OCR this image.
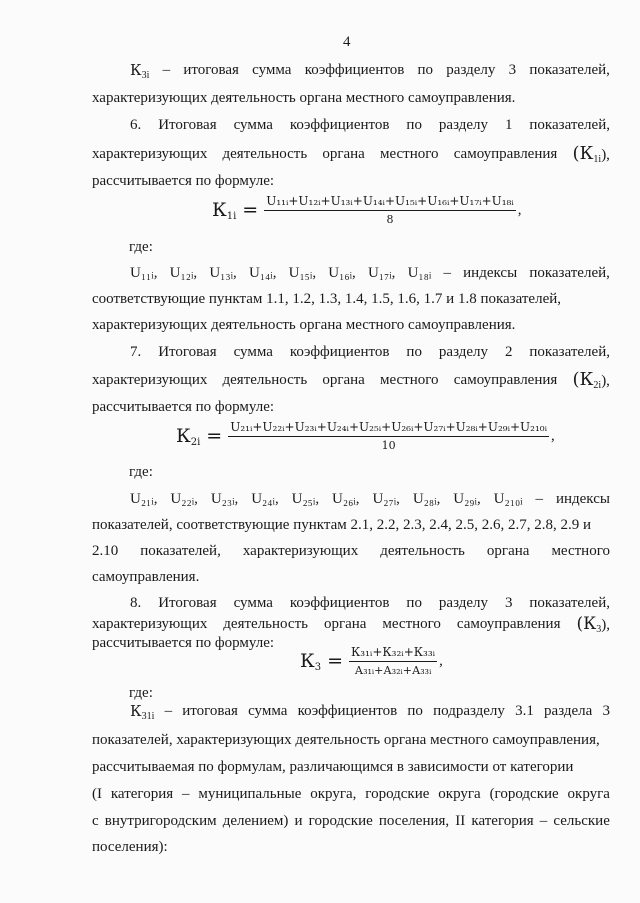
4
$К_{3i}$ – итоговая сумма коэффициентов по разделу 3 показателей,
характеризующих деятельность органа местного самоуправления.
6. Итоговая сумма коэффициентов по разделу 1 показателей,
характеризующих деятельность органа местного самоуправления $(К_{1i})$,
рассчитывается по формуле:
$К_{1i} = \frac{\text{U₁₁ᵢ+U₁₂ᵢ+U₁₃ᵢ+U₁₄ᵢ+U₁₅ᵢ+U₁₆ᵢ+U₁₇ᵢ+U₁₈ᵢ}}{8}$ ,
где:
U₁₁ᵢ, U₁₂ᵢ, U₁₃ᵢ, U₁₄ᵢ, U₁₅ᵢ, U₁₆ᵢ, U₁₇ᵢ, U₁₈ᵢ – индексы показателей,
соответствующие пунктам 1.1, 1.2, 1.3, 1.4, 1.5, 1.6, 1.7 и 1.8 показателей,
характеризующих деятельность органа местного самоуправления.
7. Итоговая сумма коэффициентов по разделу 2 показателей,
характеризующих деятельность органа местного самоуправления $(К_{2i})$,
рассчитывается по формуле:
$К_{2i} = \frac{\text{U₂₁ᵢ+U₂₂ᵢ+U₂₃ᵢ+U₂₄ᵢ+U₂₅ᵢ+U₂₆ᵢ+U₂₇ᵢ+U₂₈ᵢ+U₂₉ᵢ+U₂₁₀ᵢ}}{10}$ ,
где:
U₂₁ᵢ, U₂₂ᵢ, U₂₃ᵢ, U₂₄ᵢ, U₂₅ᵢ, U₂₆ᵢ, U₂₇ᵢ, U₂₈ᵢ, U₂₉ᵢ, U₂₁₀ᵢ – индексы
показателей, соответствующие пунктам 2.1, 2.2, 2.3, 2.4, 2.5, 2.6, 2.7, 2.8, 2.9 и
2.10 показателей, характеризующих деятельность органа местного
самоуправления.
8. Итоговая сумма коэффициентов по разделу 3 показателей,
характеризующих деятельность органа местного самоуправления $(К_3)$,
рассчитывается по формуле:
$К_3 = \frac{\text{К₃₁ᵢ+К₃₂ᵢ+К₃₃ᵢ}}{\text{А₃₁ᵢ+А₃₂ᵢ+А₃₃ᵢ}}$ ,
где:
$К_{31i}$ – итоговая сумма коэффициентов по подразделу 3.1 раздела 3
показателей, характеризующих деятельность органа местного самоуправления,
рассчитываемая по формулам, различающимся в зависимости от категории
(I категория – муниципальные округа, городские округа (городские округа
с внутригородским делением) и городские поселения, II категория – сельские
поселения):
